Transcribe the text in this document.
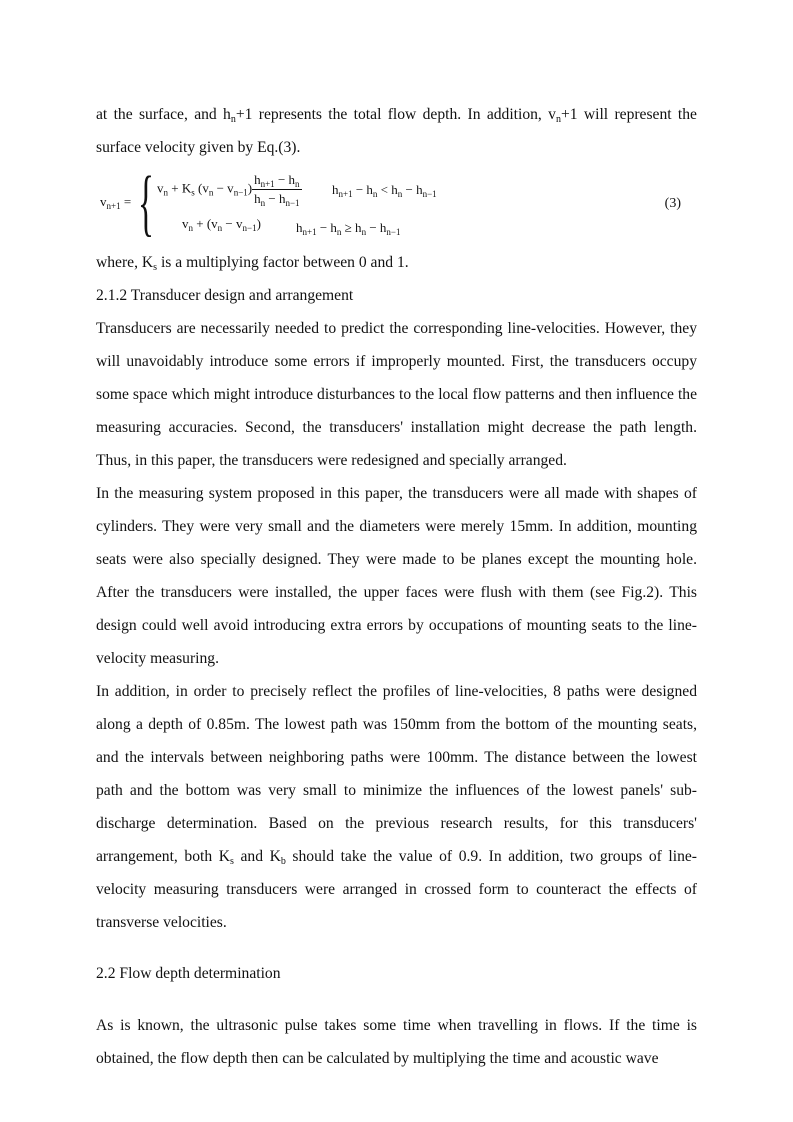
at the surface, and $h_n+1$ represents the total flow depth. In addition, $v_n+1$ will represent the surface velocity given by Eq.(3).

$v_{n+1}$ = { $v_n + K_s$ $(v_n - v_{n-1}) \frac{h_{n+1} - h_n}{h_n - h_{n-1}} h_{n+1} - h_n < h_n - h_{n-1}$
$v_n + (v_n - v_{n-1})$	$h_{n+1} - h_n \ge h_n - h_{n-1}$
(3)

where, $K_s$ is a multiplying factor between 0 and 1.

2.1.2 Transducer design and arrangement

Transducers are necessarily needed to predict the corresponding line-velocities. However, they will unavoidably introduce some errors if improperly mounted. First, the transducers occupy some space which might introduce disturbances to the local flow patterns and then influence the measuring accuracies. Second, the transducers' installation might decrease the path length. Thus, in this paper, the transducers were redesigned and specially arranged.

In the measuring system proposed in this paper, the transducers were all made with shapes of cylinders. They were very small and the diameters were merely 15mm. In addition, mounting seats were also specially designed. They were made to be planes except the mounting hole. After the transducers were installed, the upper faces were flush with them (see Fig.2). This design could well avoid introducing extra errors by occupations of mounting seats to the line-velocity measuring.

In addition, in order to precisely reflect the profiles of line-velocities, 8 paths were designed along a depth of 0.85m. The lowest path was 150mm from the bottom of the mounting seats, and the intervals between neighboring paths were 100mm. The distance between the lowest path and the bottom was very small to minimize the influences of the lowest panels' sub-discharge determination. Based on the previous research results, for this transducers' arrangement, both $K_s$ and $K_b$ should take the value of 0.9. In addition, two groups of line-velocity measuring transducers were arranged in crossed form to counteract the effects of transverse velocities.

2.2 Flow depth determination

As is known, the ultrasonic pulse takes some time when travelling in flows. If the time is obtained, the flow depth then can be calculated by multiplying the time and acoustic wave
